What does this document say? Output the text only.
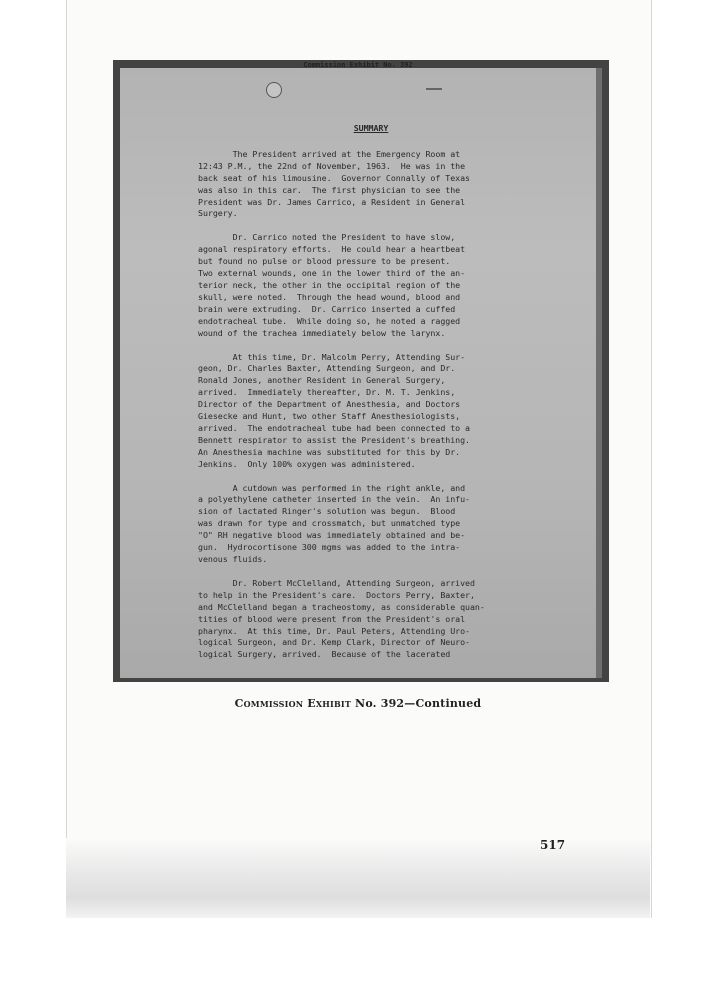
Commission Exhibit No. 392
SUMMARY
The President arrived at the Emergency Room at
12:43 P.M., the 22nd of November, 1963.  He was in the
back seat of his limousine.  Governor Connally of Texas
was also in this car.  The first physician to see the
President was Dr. James Carrico, a Resident in General
Surgery.
Dr. Carrico noted the President to have slow,
agonal respiratory efforts.  He could hear a heartbeat
but found no pulse or blood pressure to be present.
Two external wounds, one in the lower third of the an-
terior neck, the other in the occipital region of the
skull, were noted.  Through the head wound, blood and
brain were extruding.  Dr. Carrico inserted a cuffed
endotracheal tube.  While doing so, he noted a ragged
wound of the trachea immediately below the larynx.
At this time, Dr. Malcolm Perry, Attending Sur-
geon, Dr. Charles Baxter, Attending Surgeon, and Dr.
Ronald Jones, another Resident in General Surgery,
arrived.  Immediately thereafter, Dr. M. T. Jenkins,
Director of the Department of Anesthesia, and Doctors
Giesecke and Hunt, two other Staff Anesthesiologists,
arrived.  The endotracheal tube had been connected to a
Bennett respirator to assist the President's breathing.
An Anesthesia machine was substituted for this by Dr.
Jenkins.  Only 100% oxygen was administered.
A cutdown was performed in the right ankle, and
a polyethylene catheter inserted in the vein.  An infu-
sion of lactated Ringer's solution was begun.  Blood
was drawn for type and crossmatch, but unmatched type
"O" RH negative blood was immediately obtained and be-
gun.  Hydrocortisone 300 mgms was added to the intra-
venous fluids.
Dr. Robert McClelland, Attending Surgeon, arrived
to help in the President's care.  Doctors Perry, Baxter,
and McClelland began a tracheostomy, as considerable quan-
tities of blood were present from the President's oral
pharynx.  At this time, Dr. Paul Peters, Attending Uro-
logical Surgeon, and Dr. Kemp Clark, Director of Neuro-
logical Surgery, arrived.  Because of the lacerated
Commission Exhibit No. 392—Continued
517
